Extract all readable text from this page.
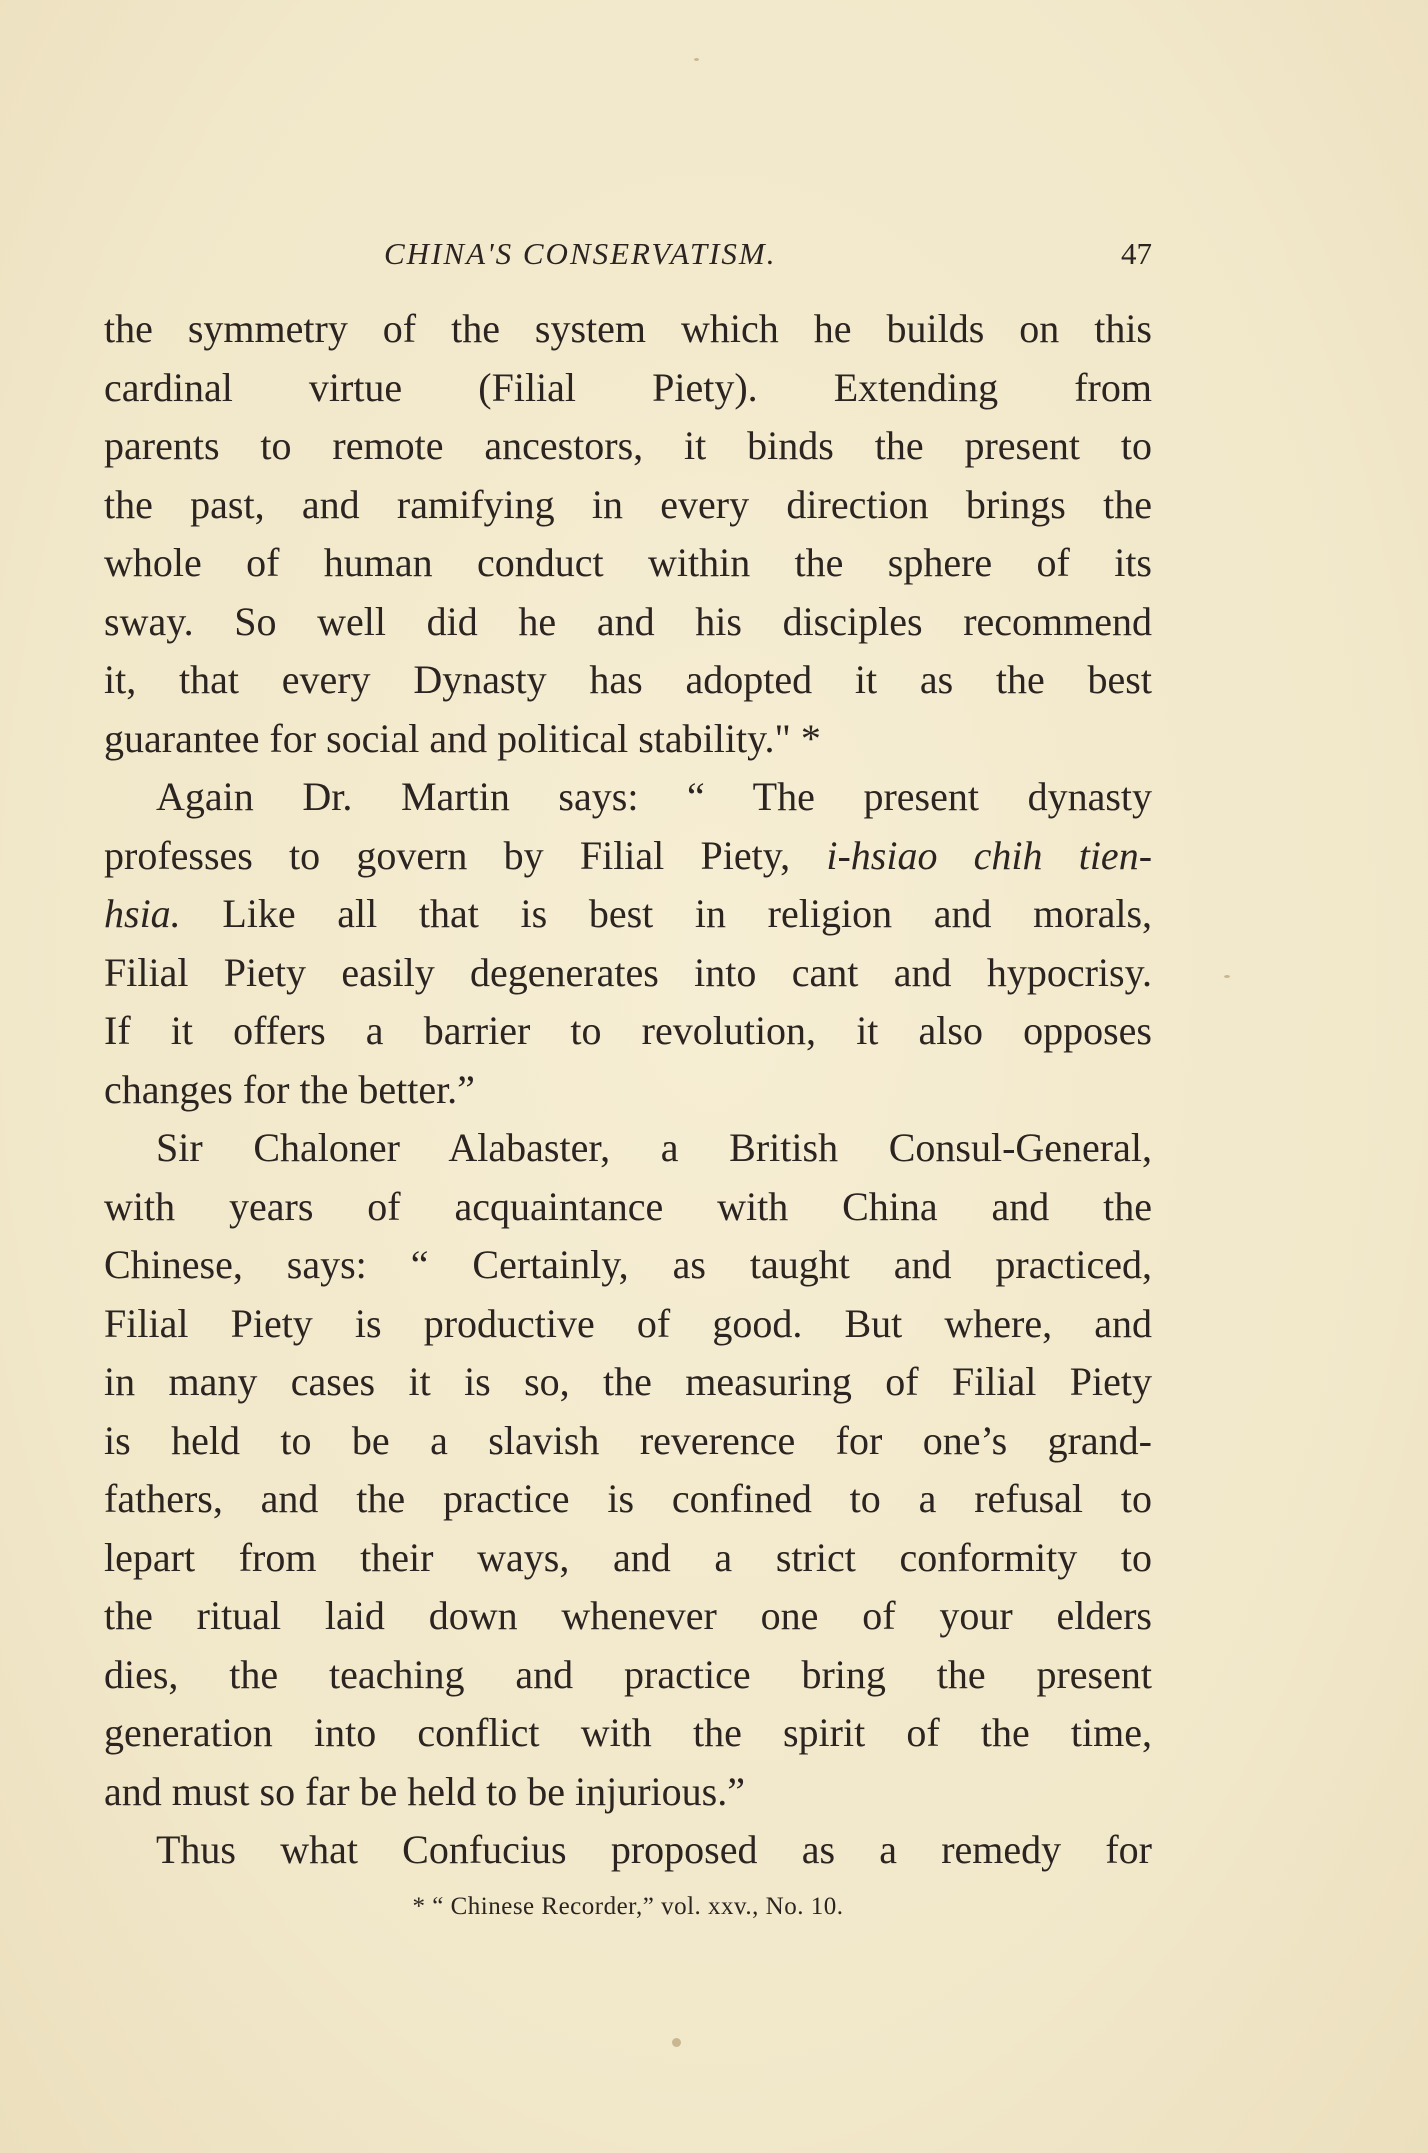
CHINA'S CONSERVATISM.	47
the symmetry of the system which he builds on this
cardinal virtue (Filial Piety). Extending from
parents to remote ancestors, it binds the present to
the past, and ramifying in every direction brings the
whole of human conduct within the sphere of its
sway. So well did he and his disciples recommend
it, that every Dynasty has adopted it as the best
guarantee for social and political stability." *
Again Dr. Martin says: “ The present dynasty
professes to govern by Filial Piety, i-hsiao chih tien-
hsia. Like all that is best in religion and morals,
Filial Piety easily degenerates into cant and hypocrisy.
If it offers a barrier to revolution, it also opposes
changes for the better.”
Sir Chaloner Alabaster, a British Consul-General,
with years of acquaintance with China and the
Chinese, says: “ Certainly, as taught and practiced,
Filial Piety is productive of good. But where, and
in many cases it is so, the measuring of Filial Piety
is held to be a slavish reverence for one’s grand-
fathers, and the practice is confined to a refusal to
lepart from their ways, and a strict conformity to
the ritual laid down whenever one of your elders
dies, the teaching and practice bring the present
generation into conflict with the spirit of the time,
and must so far be held to be injurious.”
Thus what Confucius proposed as a remedy for
* “ Chinese Recorder,” vol. xxv., No. 10.
